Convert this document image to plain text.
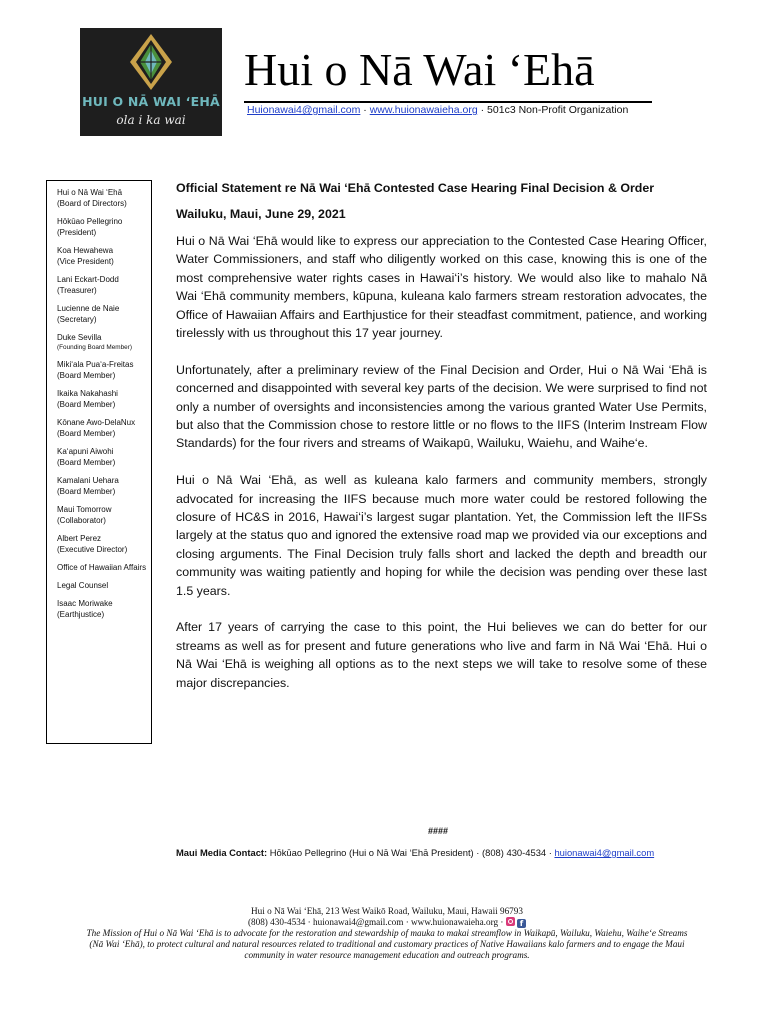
HUI O NĀ WAI ʻEHĀ
ola i ka wai
Hui o Nā Wai ‘Ehā
Huionawai4@gmail.com · www.huionawaieha.org · 501c3 Non-Profit Organization
Hui o Nā Wai ‘Ehā
(Board of Directors)
Hōkūao Pellegrino
(President)
Koa Hewahewa
(Vice President)
Lani Eckart-Dodd
(Treasurer)
Lucienne de Naie
(Secretary)
Duke Sevilla
(Founding Board Member)
Miki‘ala Pua‘a-Freitas
(Board Member)
Ikaika Nakahashi
(Board Member)
Kōnane Awo-DelaNux
(Board Member)
Ka‘apuni Aiwohi
(Board Member)
Kamalani Uehara
(Board Member)
Maui Tomorrow
(Collaborator)
Albert Perez
(Executive Director)
Office of Hawaiian Affairs
Legal Counsel
Isaac Moriwake
(Earthjustice)

Official Statement re Nā Wai ‘Ehā Contested Case Hearing Final Decision & Order

Wailuku, Maui, June 29, 2021

Hui o Nā Wai ‘Ehā would like to express our appreciation to the Contested Case Hearing Officer, Water Commissioners, and staff who diligently worked on this case, knowing this is one of the most comprehensive water rights cases in Hawai‘i’s history. We would also like to mahalo Nā Wai ‘Ehā community members, kūpuna, kuleana kalo farmers stream restoration advocates, the Office of Hawaiian Affairs and Earthjustice for their steadfast commitment, patience, and working tirelessly with us throughout this 17 year journey.

Unfortunately, after a preliminary review of the Final Decision and Order, Hui o Nā Wai ‘Ehā is concerned and disappointed with several key parts of the decision. We were surprised to find not only a number of oversights and inconsistencies among the various granted Water Use Permits, but also that the Commission chose to restore little or no flows to the IIFS (Interim Instream Flow Standards) for the four rivers and streams of Waikapū, Wailuku, Waiehu, and Waihe‘e.

Hui o Nā Wai ‘Ehā, as well as kuleana kalo farmers and community members, strongly advocated for increasing the IIFS because much more water could be restored following the closure of HC&S in 2016, Hawai‘i’s largest sugar plantation. Yet, the Commission left the IIFSs largely at the status quo and ignored the extensive road map we provided via our exceptions and closing arguments. The Final Decision truly falls short and lacked the depth and breadth our community was waiting patiently and hoping for while the decision was pending over these last 1.5 years.

After 17 years of carrying the case to this point, the Hui believes we can do better for our streams as well as for present and future generations who live and farm in Nā Wai ‘Ehā. Hui o Nā Wai ‘Ehā is weighing all options as to the next steps we will take to resolve some of these major discrepancies.

####
Maui Media Contact: Hōkūao Pellegrino (Hui o Nā Wai ‘Ehā President) · (808) 430-4534 · huionawai4@gmail.com
Hui o Nā Wai ‘Ehā, 213 West Waikō Road, Wailuku, Maui, Hawaii 96793
(808) 430-4534 · huionawai4@gmail.com · www.huionawaieha.org ·  f
The Mission of Hui o Nā Wai ‘Ehā is to advocate for the restoration and stewardship of mauka to makai streamflow in Waikapū, Wailuku, Waiehu, Waihe‘e Streams (Nā Wai ‘Ehā), to protect cultural and natural resources related to traditional and customary practices of Native Hawaiians kalo farmers and to engage the Maui community in water resource management education and outreach programs.
